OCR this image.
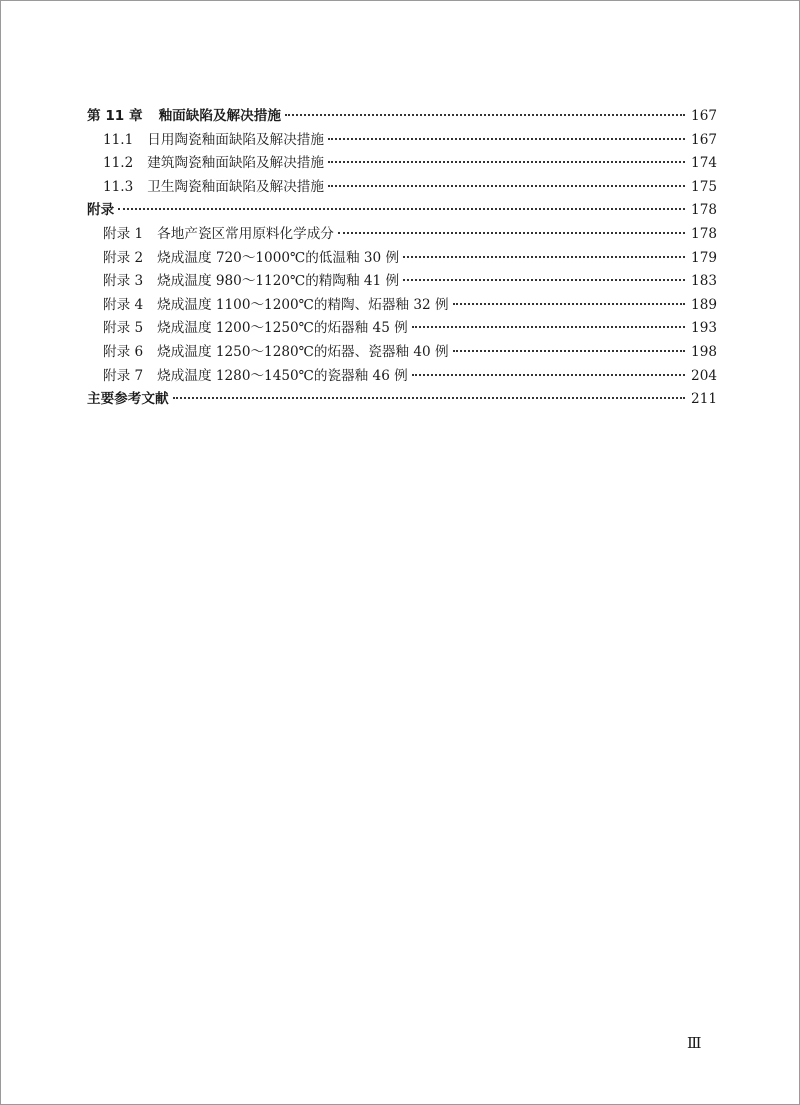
第 11 章 釉面缺陷及解决措施	167
11.1 日用陶瓷釉面缺陷及解决措施	167
11.2 建筑陶瓷釉面缺陷及解决措施	174
11.3 卫生陶瓷釉面缺陷及解决措施	175
附录	178
附录 1 各地产瓷区常用原料化学成分	178
附录 2 烧成温度 720～1000℃的低温釉 30 例	179
附录 3 烧成温度 980～1120℃的精陶釉 41 例	183
附录 4 烧成温度 1100～1200℃的精陶、炻器釉 32 例	189
附录 5 烧成温度 1200～1250℃的炻器釉 45 例	193
附录 6 烧成温度 1250～1280℃的炻器、瓷器釉 40 例	198
附录 7 烧成温度 1280～1450℃的瓷器釉 46 例	204
主要参考文献	211
Ⅲ
